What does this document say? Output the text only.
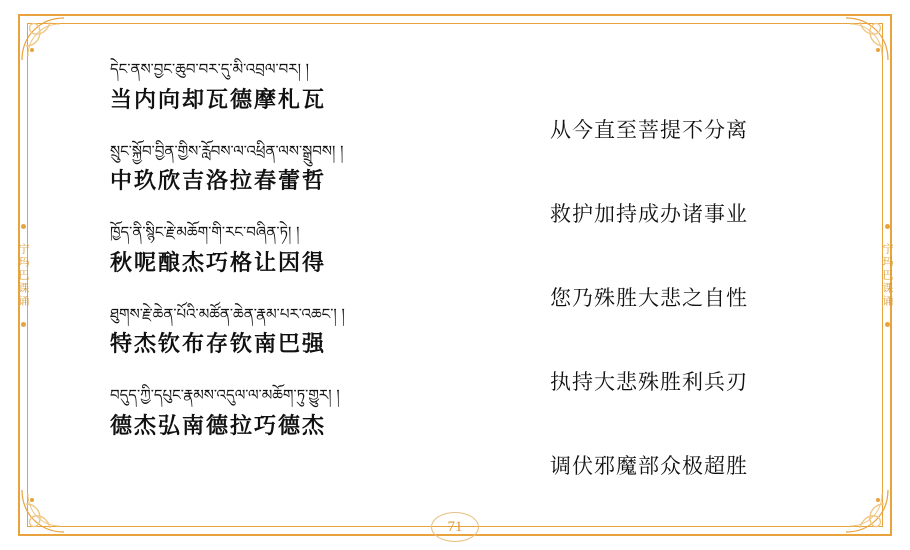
宁玛巴课诵	宁玛巴课诵
དེང་ནས་བྱང་ཆུབ་བར་དུ་མི་འབྲལ་བར། །
当内向却瓦德摩札瓦
སྲུང་སྐྱོབ་བྱིན་གྱིས་རློབས་ལ་འཕྲིན་ལས་སྒྲུབས། །
中玖欣吉洛拉春蕾哲
ཁྱོད་ནི་སྙིང་རྗེ་མཆོག་གི་རང་བཞིན་ཏེ། །
秋呢酿杰巧格让因得
ཐུགས་རྗེ་ཆེན་པོའི་མཚོན་ཆེན་རྣམ་པར་འཆང་། །
特杰钦布存钦南巴强
བདུད་ཀྱི་དཔུང་རྣམས་འདུལ་ལ་མཆོག་ཏུ་གྱུར། །
德杰弘南德拉巧德杰
从今直至菩提不分离
救护加持成办诸事业
您乃殊胜大悲之自性
执持大悲殊胜利兵刃
调伏邪魔部众极超胜
71
